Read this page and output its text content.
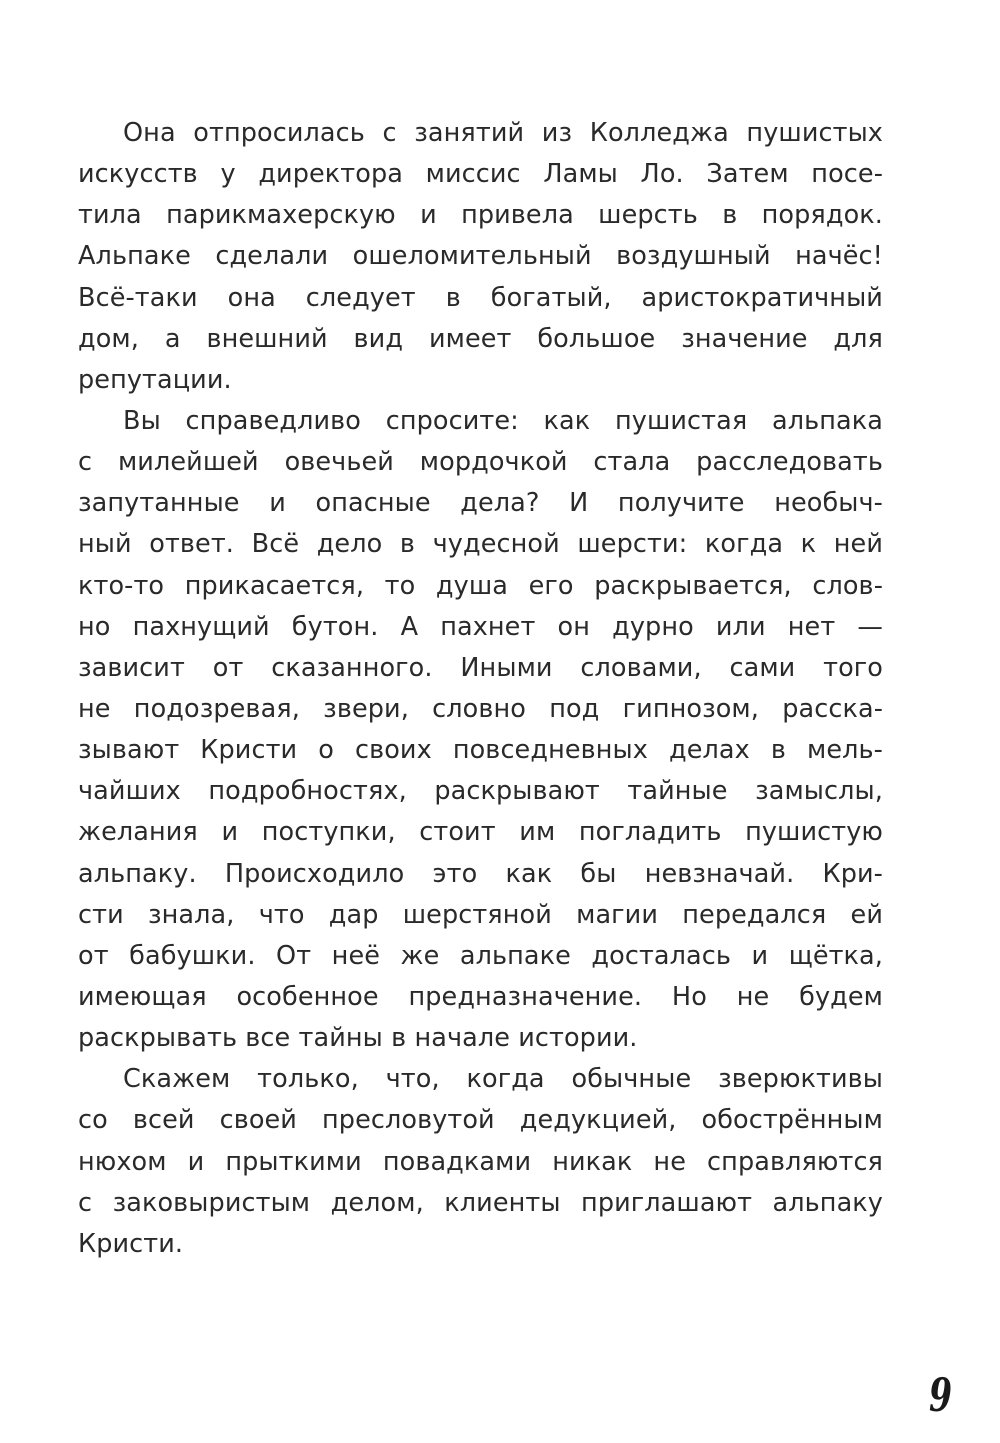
Она отпросилась с занятий из Колледжа пушистых
искусств у директора миссис Ламы Ло. Затем посе-
тила парикмахерскую и привела шерсть в порядок.
Альпаке сделали ошеломительный воздушный начёс!
Всё-таки она следует в богатый, аристократичный
дом, а внешний вид имеет большое значение для
репутации.
Вы справедливо спросите: как пушистая альпака
с милейшей овечьей мордочкой стала расследовать
запутанные и опасные дела? И получите необыч-
ный ответ. Всё дело в чудесной шерсти: когда к ней
кто-то прикасается, то душа его раскрывается, слов-
но пахнущий бутон. А пахнет он дурно или нет —
зависит от сказанного. Иными словами, сами того
не подозревая, звери, словно под гипнозом, расска-
зывают Кристи о своих повседневных делах в мель-
чайших подробностях, раскрывают тайные замыслы,
желания и поступки, стоит им погладить пушистую
альпаку. Происходило это как бы невзначай. Кри-
сти знала, что дар шерстяной магии передался ей
от бабушки. От неё же альпаке досталась и щётка,
имеющая особенное предназначение. Но не будем
раскрывать все тайны в начале истории.
Скажем только, что, когда обычные зверюктивы
со всей своей пресловутой дедукцией, обострённым
нюхом и прыткими повадками никак не справляются
с заковыристым делом, клиенты приглашают альпаку
Кристи.
9
